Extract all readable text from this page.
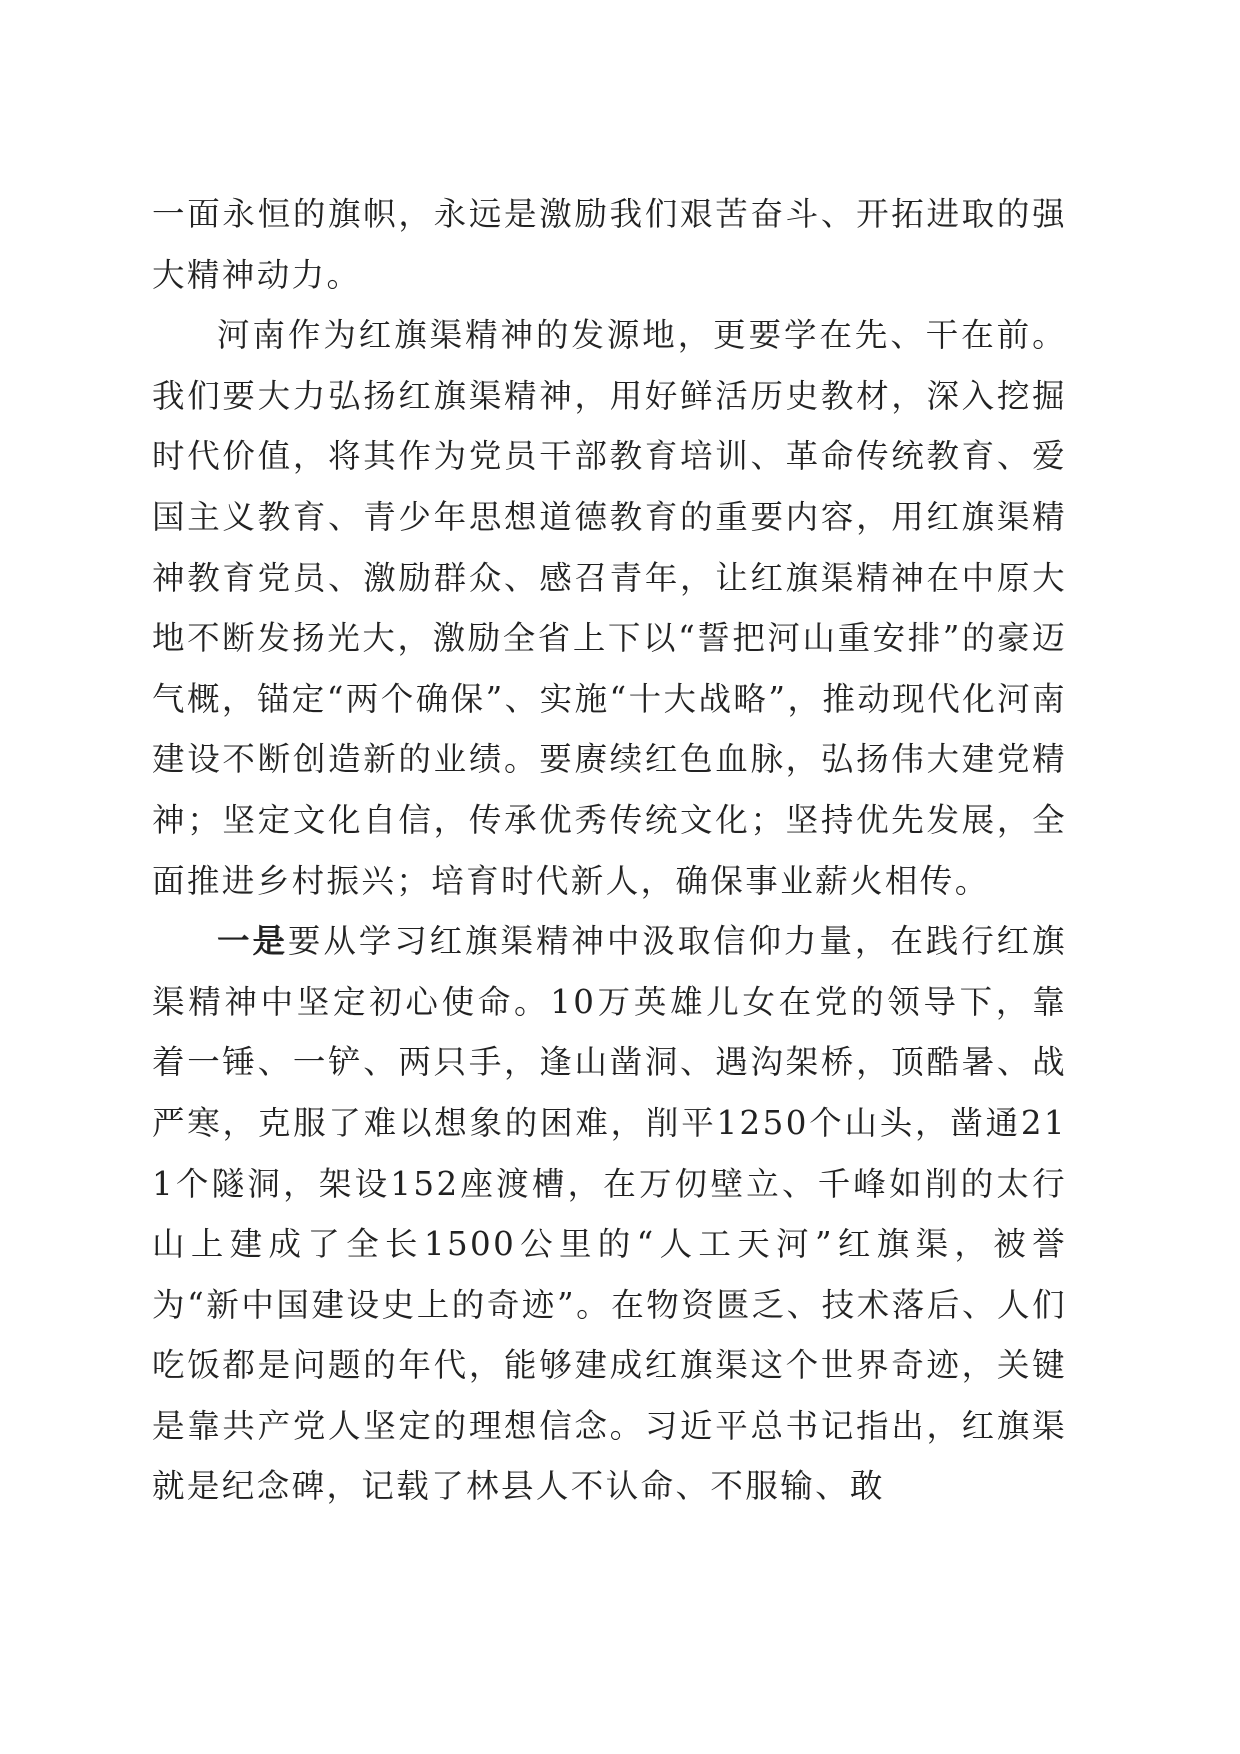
一面永恒的旗帜，永远是激励我们艰苦奋斗、开拓进取的强大精神动力。

河南作为红旗渠精神的发源地，更要学在先、干在前。我们要大力弘扬红旗渠精神，用好鲜活历史教材，深入挖掘时代价值，将其作为党员干部教育培训、革命传统教育、爱国主义教育、青少年思想道德教育的重要内容，用红旗渠精神教育党员、激励群众、感召青年，让红旗渠精神在中原大地不断发扬光大，激励全省上下以“誓把河山重安排”的豪迈气概，锚定“两个确保”、实施“十大战略”，推动现代化河南建设不断创造新的业绩。要赓续红色血脉，弘扬伟大建党精神；坚定文化自信，传承优秀传统文化；坚持优先发展，全面推进乡村振兴；培育时代新人，确保事业薪火相传。

一是要从学习红旗渠精神中汲取信仰力量，在践行红旗渠精神中坚定初心使命。10万英雄儿女在党的领导下，靠着一锤、一铲、两只手，逢山凿洞、遇沟架桥，顶酷暑、战严寒，克服了难以想象的困难，削平1250个山头，凿通211个隧洞，架设152座渡槽，在万仞壁立、千峰如削的太行山上建成了全长1500公里的“人工天河”红旗渠，被誉为“新中国建设史上的奇迹”。在物资匮乏、技术落后、人们吃饭都是问题的年代，能够建成红旗渠这个世界奇迹，关键是靠共产党人坚定的理想信念。习近平总书记指出，红旗渠就是纪念碑，记载了林县人不认命、不服输、敢
